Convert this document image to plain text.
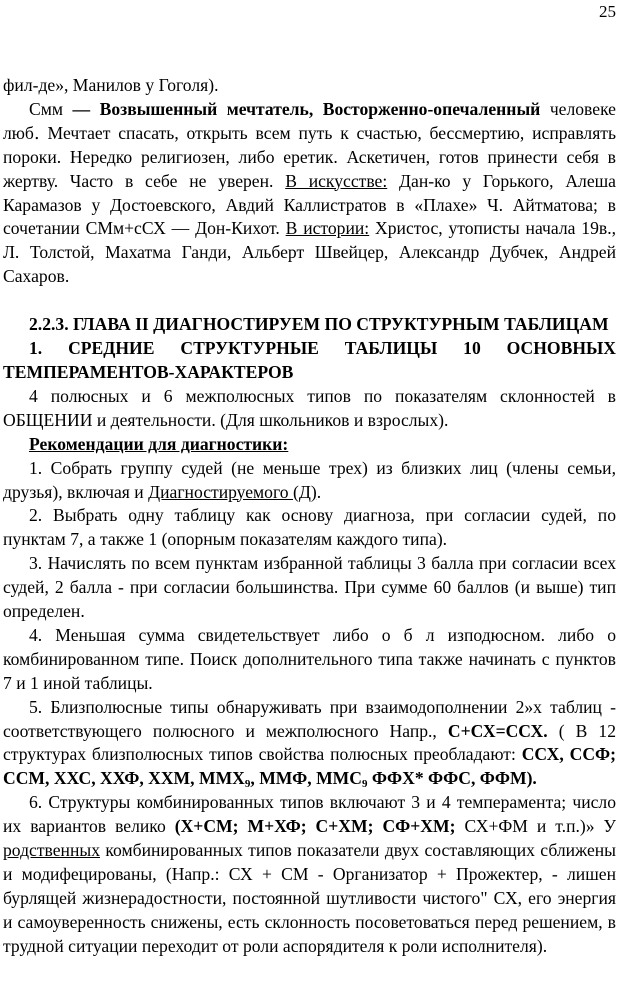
25

фил-де», Манилов у Гоголя).

Смм — Возвышенный мечтатель, Восторженно-опечаленный человеке люб․ Мечтает спасать, открыть всем путь к счастью, бессмертию, исправлять пороки. Нередко религиозен, либо еретик. Аскетичен, готов принести себя в жертву. Часто в себе не уверен. В искусстве: Дан-ко у Горького, Алеша Карамазов у Достоевского, Авдий Каллистратов в «Плахе» Ч. Айтматова; в сочетании СМм+сСХ — Дон-Кихот. В истории: Христос, утописты начала 19в., Л. Толстой, Махатма Ганди, Альберт Швейцер, Александр Дубчек, Андрей Сахаров.

2.2.3. ГЛАВА II ДИАГНОСТИРУЕМ ПО СТРУКТУРНЫМ ТАБЛИЦАМ

1. СРЕДНИЕ СТРУКТУРНЫЕ ТАБЛИЦЫ 10 ОСНОВНЫХ ТЕМПЕРАМЕНТОВ-ХАРАКТЕРОВ

4 полюсных и 6 межполюсных типов по показателям склонностей в ОБЩЕНИИ и деятельности. (Для школьников и взрослых).

Рекомендации для диагностики:

1. Собрать группу судей (не меньше трех) из близких лиц (члены семьи, друзья), включая и Диагностируемого (Д).

2. Выбрать одну таблицу как основу диагноза, при согласии судей, по пунктам 7, а также 1 (опорным показателям каждого типа).

3. Начислять по всем пунктам избранной таблицы 3 балла при согласии всех судей, 2 балла - при согласии большинства. При сумме 60 баллов (и выше) тип определен.

4. Меньшая сумма свидетельствует либо о б л изподюсном. либо о комбинированном типе. Поиск дополнительного типа также начинать с пунктов 7 и 1 иной таблицы.

5. Близполюсные типы обнаруживать при взаимодополнении 2»х таблиц - соответствующего полюсного и межполюсного Напр., С+СХ=ССХ. ( В 12 структурах близполюсных типов свойства полюсных преобладают: ССХ, ССФ; ССМ, ХХС, ХХФ, ХХМ, $ММХ_9$, ММФ, $ММС_9$ ФФХ* ФФС, ФФМ).

6. Структуры комбинированных типов включают 3 и 4 темперамента; число их вариантов велико (Х+СМ; М+ХФ; С+ХМ; СФ+ХМ; СХ+ФМ и т.п.)» У родственных комбинированных типов показатели двух составляющих сближены и модифецированы, (Напр.: СХ + СМ - Организатор + Прожектер, - лишен бурлящей жизнерадостности, постоянной шутливости чистого" СХ, его энергия и самоуверенность снижены, есть склонность посоветоваться перед решением, в трудной ситуации переходит от роли аспорядителя к роли исполнителя).
